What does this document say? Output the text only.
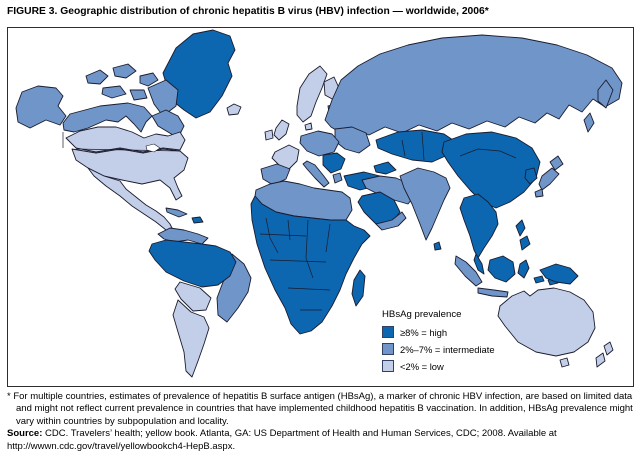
FIGURE 3. Geographic distribution of chronic hepatitis B virus (HBV) infection — worldwide, 2006*
HBsAg prevalence
≥8% = high
2%–7% = intermediate
<2% = low

* For multiple countries, estimates of prevalence of hepatitis B surface antigen (HBsAg), a marker of chronic HBV infection, are based on limited data and might not reflect current prevalence in countries that have implemented childhood hepatitis B vaccination. In addition, HBsAg prevalence might vary within countries by subpopulation and locality.

Source: CDC. Travelers’ health; yellow book. Atlanta, GA: US Department of Health and Human Services, CDC; 2008. Available at http://wwwn.cdc.gov/travel/yellowbookch4-HepB.aspx.
